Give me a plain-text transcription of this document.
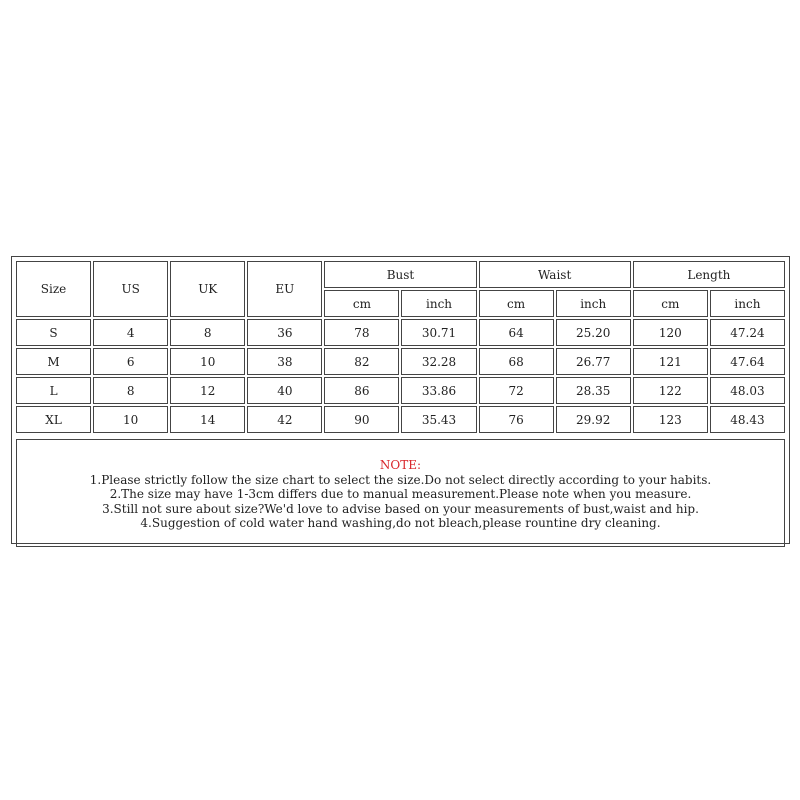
Size	US	UK	EU	Bust		Waist		Length	
				cm	inch	cm	inch	cm	inch
S	4	8	36	78	30.71	64	25.20	120	47.24
M	6	10	38	82	32.28	68	26.77	121	47.64
L	8	12	40	86	33.86	72	28.35	122	48.03
XL	10	14	42	90	35.43	76	29.92	123	48.43
NOTE:
1.Please strictly follow the size chart to select the size.Do not select directly according to your habits.
2.The size may have 1-3cm differs due to manual measurement.Please note when you measure.
3.Still not sure about size?We'd love to advise based on your measurements of bust,waist and hip.
4.Suggestion of cold water hand washing,do not bleach,please rountine dry cleaning.
